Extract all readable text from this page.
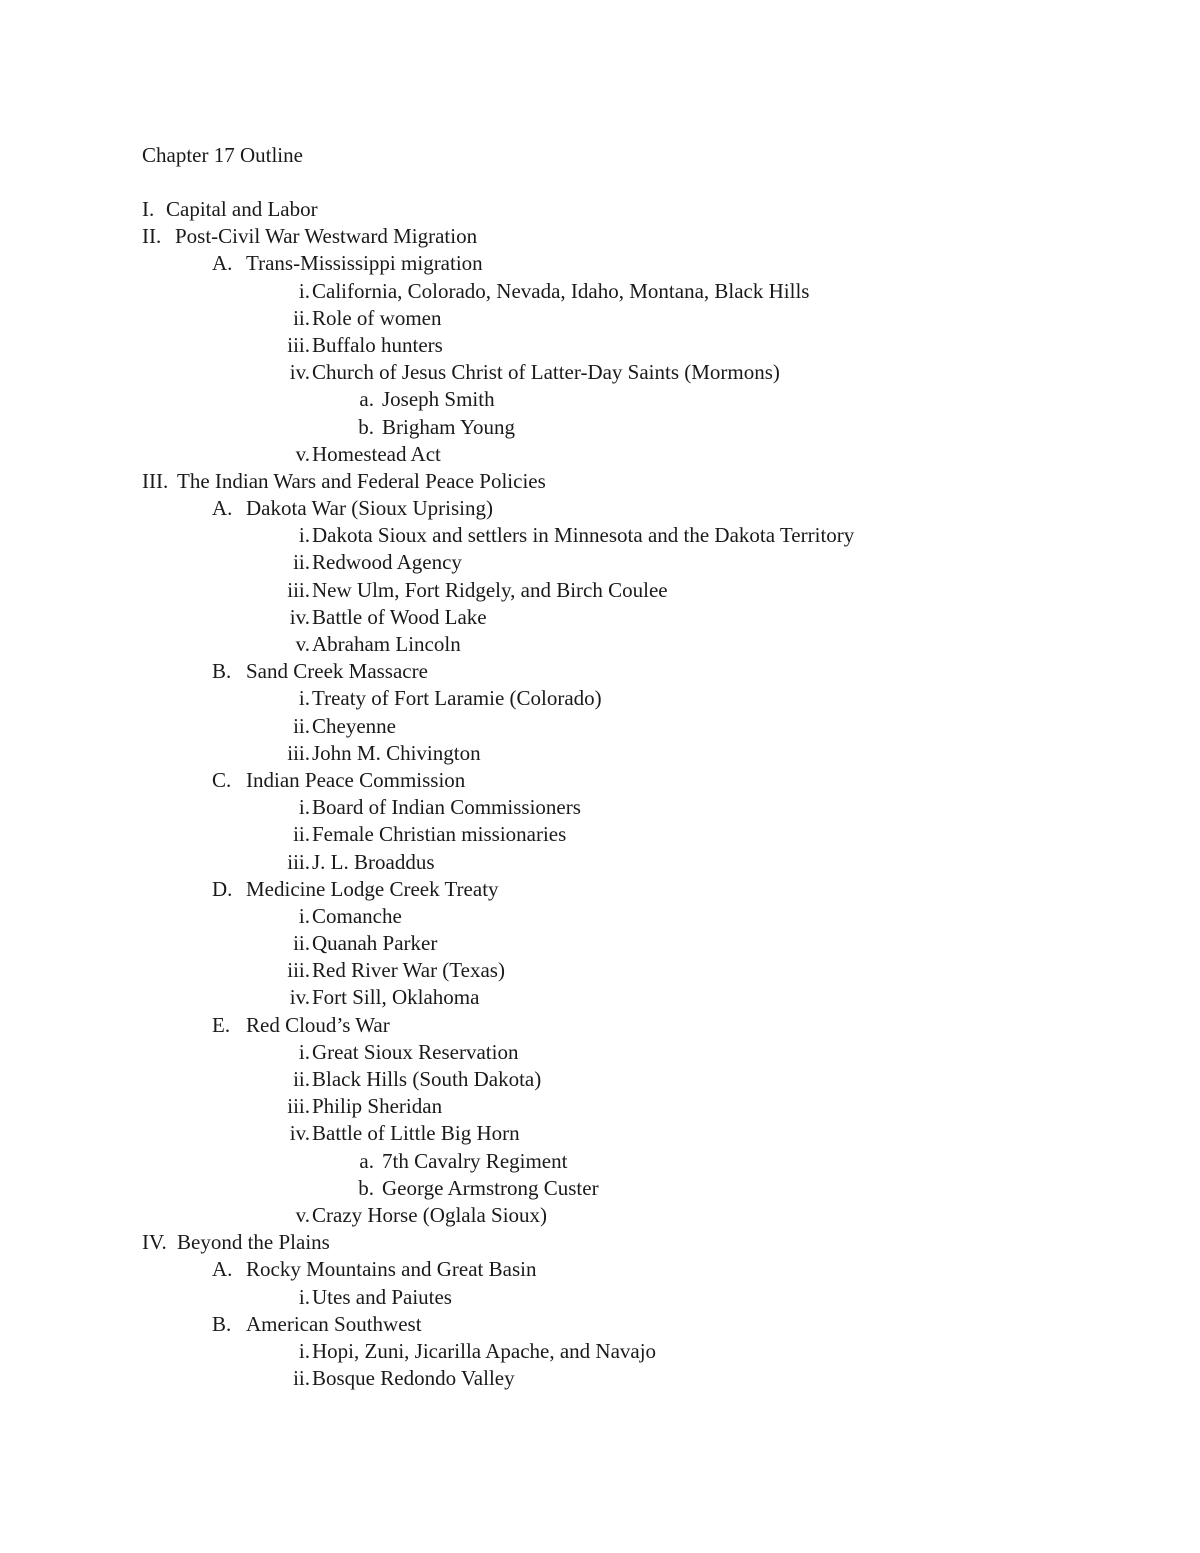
Chapter 17 Outline
I. Capital and Labor
II. Post-Civil War Westward Migration
A. Trans-Mississippi migration
i. California, Colorado, Nevada, Idaho, Montana, Black Hills
ii. Role of women
iii. Buffalo hunters
iv. Church of Jesus Christ of Latter-Day Saints (Mormons)
a. Joseph Smith
b. Brigham Young
v. Homestead Act
III. The Indian Wars and Federal Peace Policies
A. Dakota War (Sioux Uprising)
i. Dakota Sioux and settlers in Minnesota and the Dakota Territory
ii. Redwood Agency
iii. New Ulm, Fort Ridgely, and Birch Coulee
iv. Battle of Wood Lake
v. Abraham Lincoln
B. Sand Creek Massacre
i. Treaty of Fort Laramie (Colorado)
ii. Cheyenne
iii. John M. Chivington
C. Indian Peace Commission
i. Board of Indian Commissioners
ii. Female Christian missionaries
iii. J. L. Broaddus
D. Medicine Lodge Creek Treaty
i. Comanche
ii. Quanah Parker
iii. Red River War (Texas)
iv. Fort Sill, Oklahoma
E. Red Cloud’s War
i. Great Sioux Reservation
ii. Black Hills (South Dakota)
iii. Philip Sheridan
iv. Battle of Little Big Horn
a. 7th Cavalry Regiment
b. George Armstrong Custer
v. Crazy Horse (Oglala Sioux)
IV. Beyond the Plains
A. Rocky Mountains and Great Basin
i. Utes and Paiutes
B. American Southwest
i. Hopi, Zuni, Jicarilla Apache, and Navajo
ii. Bosque Redondo Valley
